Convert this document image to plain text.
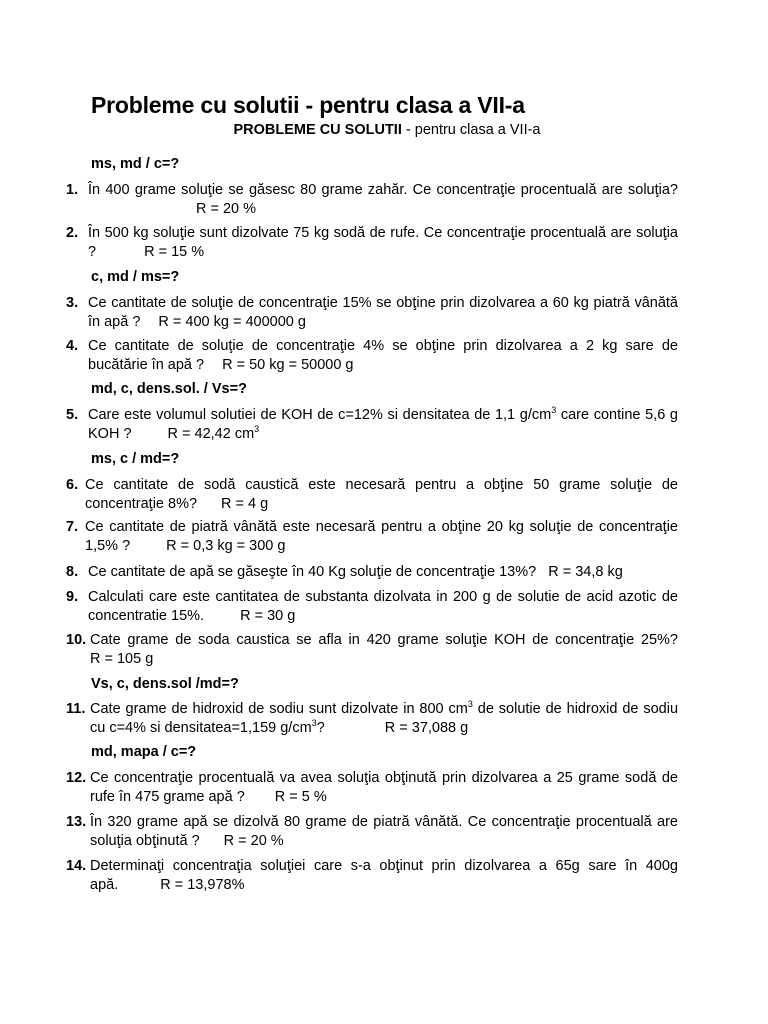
Probleme cu solutii - pentru clasa a VII-a
PROBLEME CU SOLUTII - pentru clasa a VII-a
ms, md / c=?
1. În 400 grame soluţie se găsesc 80 grame zahăr. Ce concentraţie procentuală are soluţia?R = 20 %
2. În 500 kg soluţie sunt dizolvate 75 kg sodă de rufe. Ce concentraţie procentuală are soluţia ?	R = 15 %
c, md / ms=?
3. Ce cantitate de soluţie de concentraţie 15% se obţine prin dizolvarea a 60 kg piatră vânătă în apă ? R = 400 kg = 400000 g
4. Ce cantitate de soluţie de concentraţie 4% se obţine prin dizolvarea a 2 kg sare de bucătărie în apă ? R = 50 kg = 50000 g
md, c, dens.sol. / Vs=?
5. Care este volumul solutiei de KOH de c=12% si densitatea de 1,1 $g/cm^3$ care contine 5,6 g KOH ? R = 42,42 $cm^3$
ms, c / md=?
6. Ce cantitate de sodă caustică este necesară pentru a obţine 50 grame soluţie de concentraţie 8%? R = 4 g
7. Ce cantitate de piatră vânătă este necesară pentru a obţine 20 kg soluţie de concentraţie 1,5% ? R = 0,3 kg = 300 g
8. Ce cantitate de apă se găseşte în 40 Kg soluţie de concentraţie 13%? R = 34,8 kg
9. Calculati care este cantitatea de substanta dizolvata in 200 g de solutie de acid azotic de concentratie 15%. R = 30 g
10. Cate grame de soda caustica se afla in 420 grame soluţie KOH de concentraţie 25%? R = 105 g
Vs, c, dens.sol /md=?
11. Cate grame de hidroxid de sodiu sunt dizolvate in 800 $cm^3$ de solutie de hidroxid de sodiu cu c=4% si densitatea=1,159 $g/cm^3$?	R = 37,088 g
md, mapa / c=?
12. Ce concentraţie procentuală va avea soluţia obţinută prin dizolvarea a 25 grame sodă de rufe în 475 grame apă ? R = 5 %
13. În 320 grame apă se dizolvă 80 grame de piatră vânătă. Ce concentraţie procentuală are soluţia obţinută ? R = 20 %
14. Determinaţi concentraţia soluţiei care s-a obţinut prin dizolvarea a 65g sare în 400g apă.	R = 13,978%
